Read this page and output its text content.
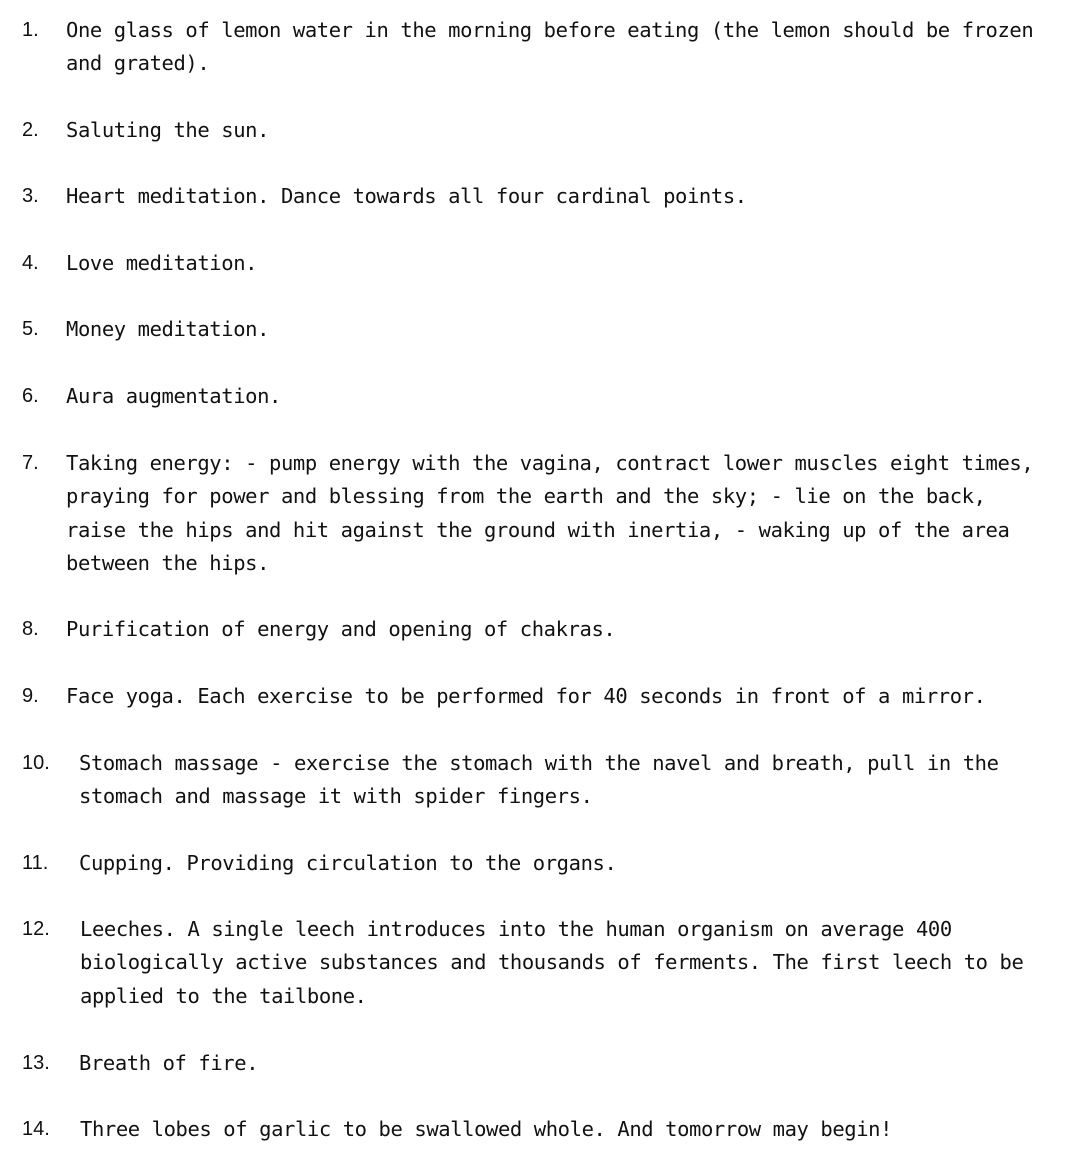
1. One glass of lemon water in the morning before eating (the lemon should be frozen and grated).
2. Saluting the sun.
3. Heart meditation. Dance towards all four cardinal points.
4. Love meditation.
5. Money meditation.
6. Aura augmentation.
7. Taking energy: - pump energy with the vagina, contract lower muscles eight times, praying for power and blessing from the earth and the sky; - lie on the back, raise the hips and hit against the ground with inertia, - waking up of the area between the hips.
8. Purification of energy and opening of chakras.
9. Face yoga. Each exercise to be performed for 40 seconds in front of a mirror.
10. Stomach massage - exercise the stomach with the navel and breath, pull in the stomach and massage it with spider fingers.
11. Cupping. Providing circulation to the organs.
12. Leeches. A single leech introduces into the human organism on average 400 biologically active substances and thousands of ferments. The first leech to be applied to the tailbone.
13. Breath of fire.
14. Three lobes of garlic to be swallowed whole. And tomorrow may begin!
